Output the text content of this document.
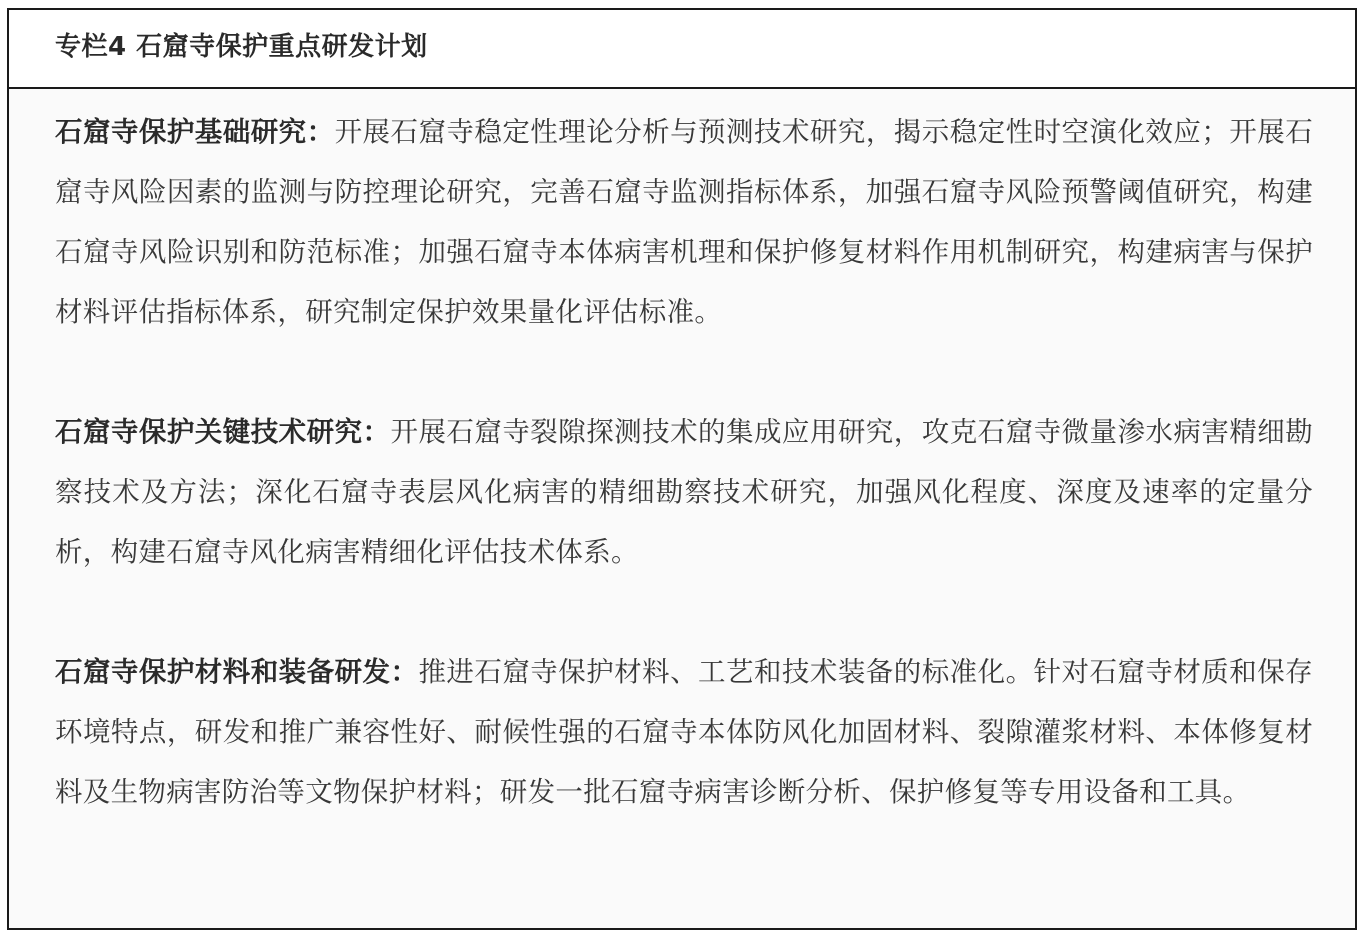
专栏4 石窟寺保护重点研发计划

石窟寺保护基础研究：开展石窟寺稳定性理论分析与预测技术研究，揭示稳定性时空演化效应；开展石窟寺风险因素的监测与防控理论研究，完善石窟寺监测指标体系，加强石窟寺风险预警阈值研究，构建石窟寺风险识别和防范标准；加强石窟寺本体病害机理和保护修复材料作用机制研究，构建病害与保护材料评估指标体系，研究制定保护效果量化评估标准。

石窟寺保护关键技术研究：开展石窟寺裂隙探测技术的集成应用研究，攻克石窟寺微量渗水病害精细勘察技术及方法；深化石窟寺表层风化病害的精细勘察技术研究，加强风化程度、深度及速率的定量分析，构建石窟寺风化病害精细化评估技术体系。

石窟寺保护材料和装备研发：推进石窟寺保护材料、工艺和技术装备的标准化。针对石窟寺材质和保存环境特点，研发和推广兼容性好、耐候性强的石窟寺本体防风化加固材料、裂隙灌浆材料、本体修复材料及生物病害防治等文物保护材料；研发一批石窟寺病害诊断分析、保护修复等专用设备和工具。
